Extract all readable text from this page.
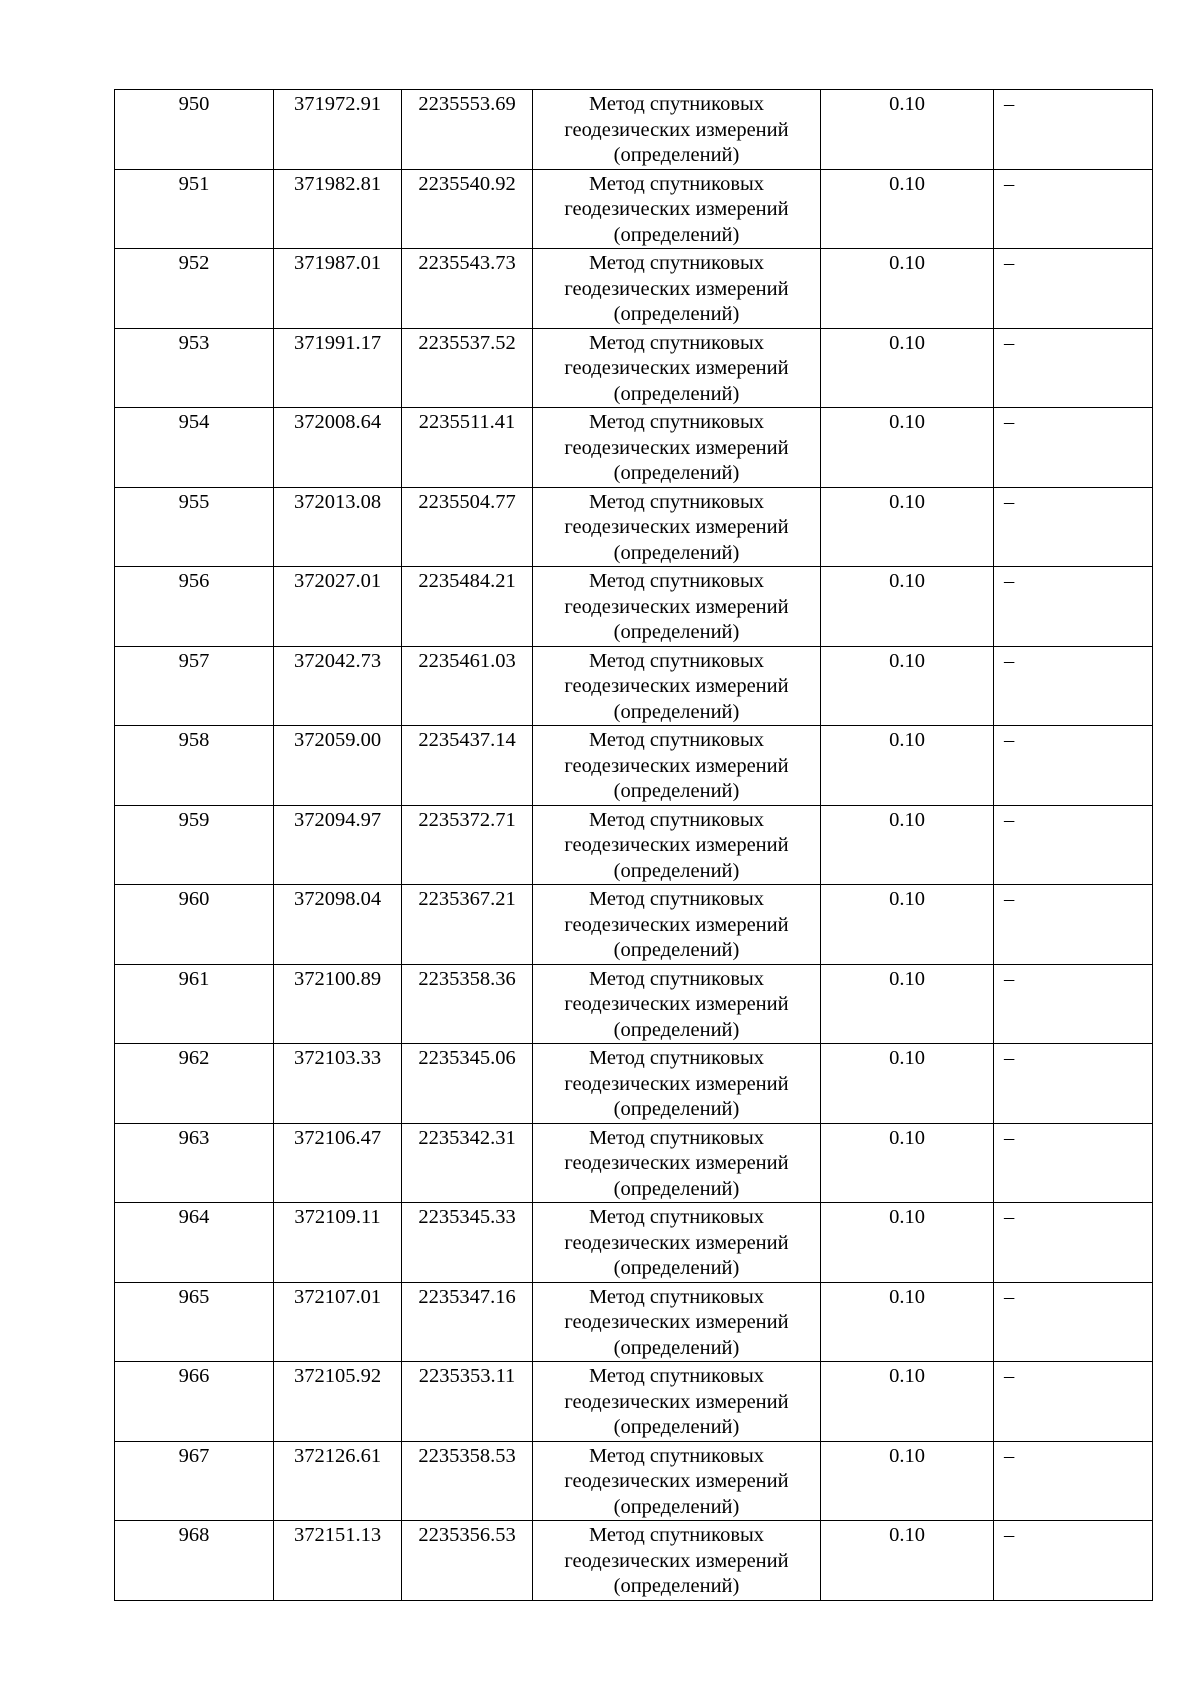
950	371972.91	2235553.69	Метод спутниковых
геодезических измерений
(определений)	0.10	–
951	371982.81	2235540.92	Метод спутниковых
геодезических измерений
(определений)	0.10	–
952	371987.01	2235543.73	Метод спутниковых
геодезических измерений
(определений)	0.10	–
953	371991.17	2235537.52	Метод спутниковых
геодезических измерений
(определений)	0.10	–
954	372008.64	2235511.41	Метод спутниковых
геодезических измерений
(определений)	0.10	–
955	372013.08	2235504.77	Метод спутниковых
геодезических измерений
(определений)	0.10	–
956	372027.01	2235484.21	Метод спутниковых
геодезических измерений
(определений)	0.10	–
957	372042.73	2235461.03	Метод спутниковых
геодезических измерений
(определений)	0.10	–
958	372059.00	2235437.14	Метод спутниковых
геодезических измерений
(определений)	0.10	–
959	372094.97	2235372.71	Метод спутниковых
геодезических измерений
(определений)	0.10	–
960	372098.04	2235367.21	Метод спутниковых
геодезических измерений
(определений)	0.10	–
961	372100.89	2235358.36	Метод спутниковых
геодезических измерений
(определений)	0.10	–
962	372103.33	2235345.06	Метод спутниковых
геодезических измерений
(определений)	0.10	–
963	372106.47	2235342.31	Метод спутниковых
геодезических измерений
(определений)	0.10	–
964	372109.11	2235345.33	Метод спутниковых
геодезических измерений
(определений)	0.10	–
965	372107.01	2235347.16	Метод спутниковых
геодезических измерений
(определений)	0.10	–
966	372105.92	2235353.11	Метод спутниковых
геодезических измерений
(определений)	0.10	–
967	372126.61	2235358.53	Метод спутниковых
геодезических измерений
(определений)	0.10	–
968	372151.13	2235356.53	Метод спутниковых
геодезических измерений
(определений)	0.10	–
